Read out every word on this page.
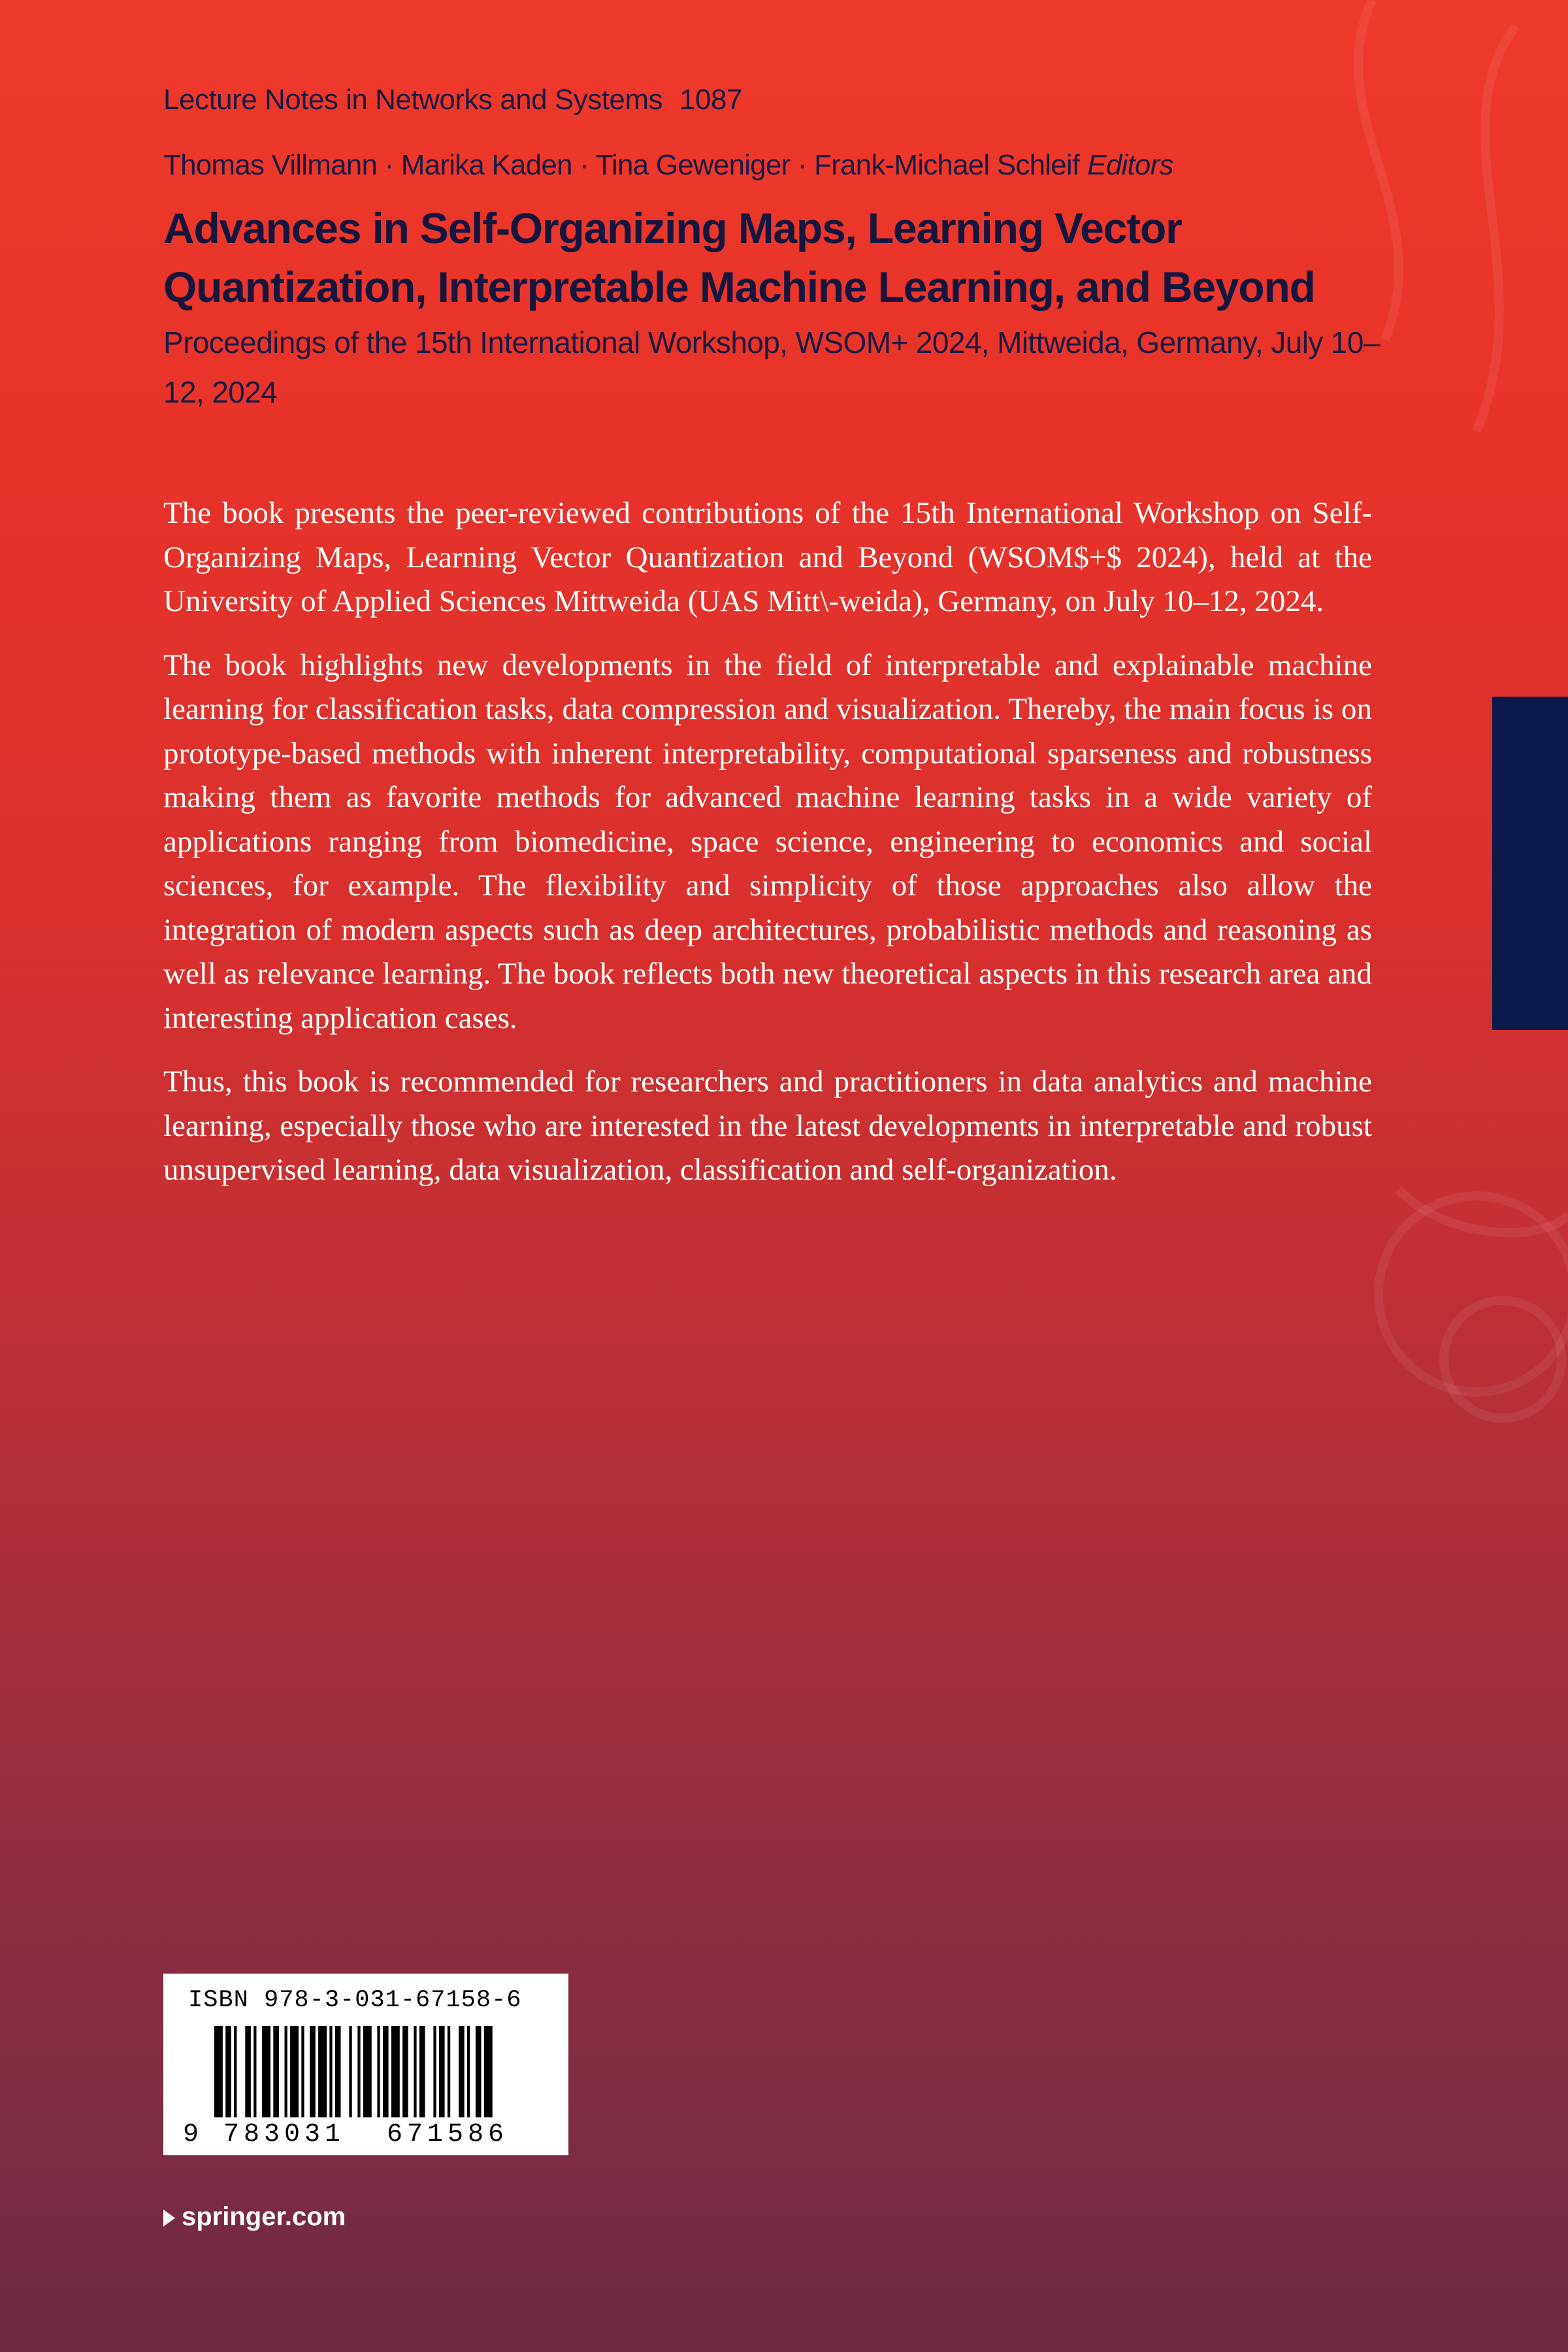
Lecture Notes in Networks and Systems 1087
Thomas Villmann · Marika Kaden · Tina Geweniger · Frank-Michael Schleif Editors
Advances in Self-Organizing Maps, Learning Vector Quantization, Interpretable Machine Learning, and Beyond

Proceedings of the 15th International Workshop, WSOM+ 2024, Mittweida, Germany, July 10–12, 2024

The book presents the peer-reviewed contributions of the 15th International Workshop on Self-Organizing Maps, Learning Vector Quantization and Beyond (WSOM$+$ 2024), held at the University of Applied Sciences Mittweida (UAS Mitt\-weida), Germany, on July 10–12, 2024.

The book highlights new developments in the field of interpretable and explainable machine learning for classification tasks, data compression and visualization. Thereby, the main focus is on prototype-based methods with inherent interpretability, computational sparseness and robustness making them as favorite methods for advanced machine learning tasks in a wide variety of applications ranging from biomedicine, space science, engineering to economics and social sciences, for example. The flexibility and simplicity of those approaches also allow the integration of modern aspects such as deep architectures, probabilistic methods and reasoning as well as relevance learning. The book reflects both new theoretical aspects in this research area and interesting application cases.

Thus, this book is recommended for researchers and practitioners in data analytics and machine learning, especially those who are interested in the latest developments in interpretable and robust unsupervised learning, data visualization, classification and self-organization.

ISBN 978-3-031-67158-6
9 783031 671586
springer.com
